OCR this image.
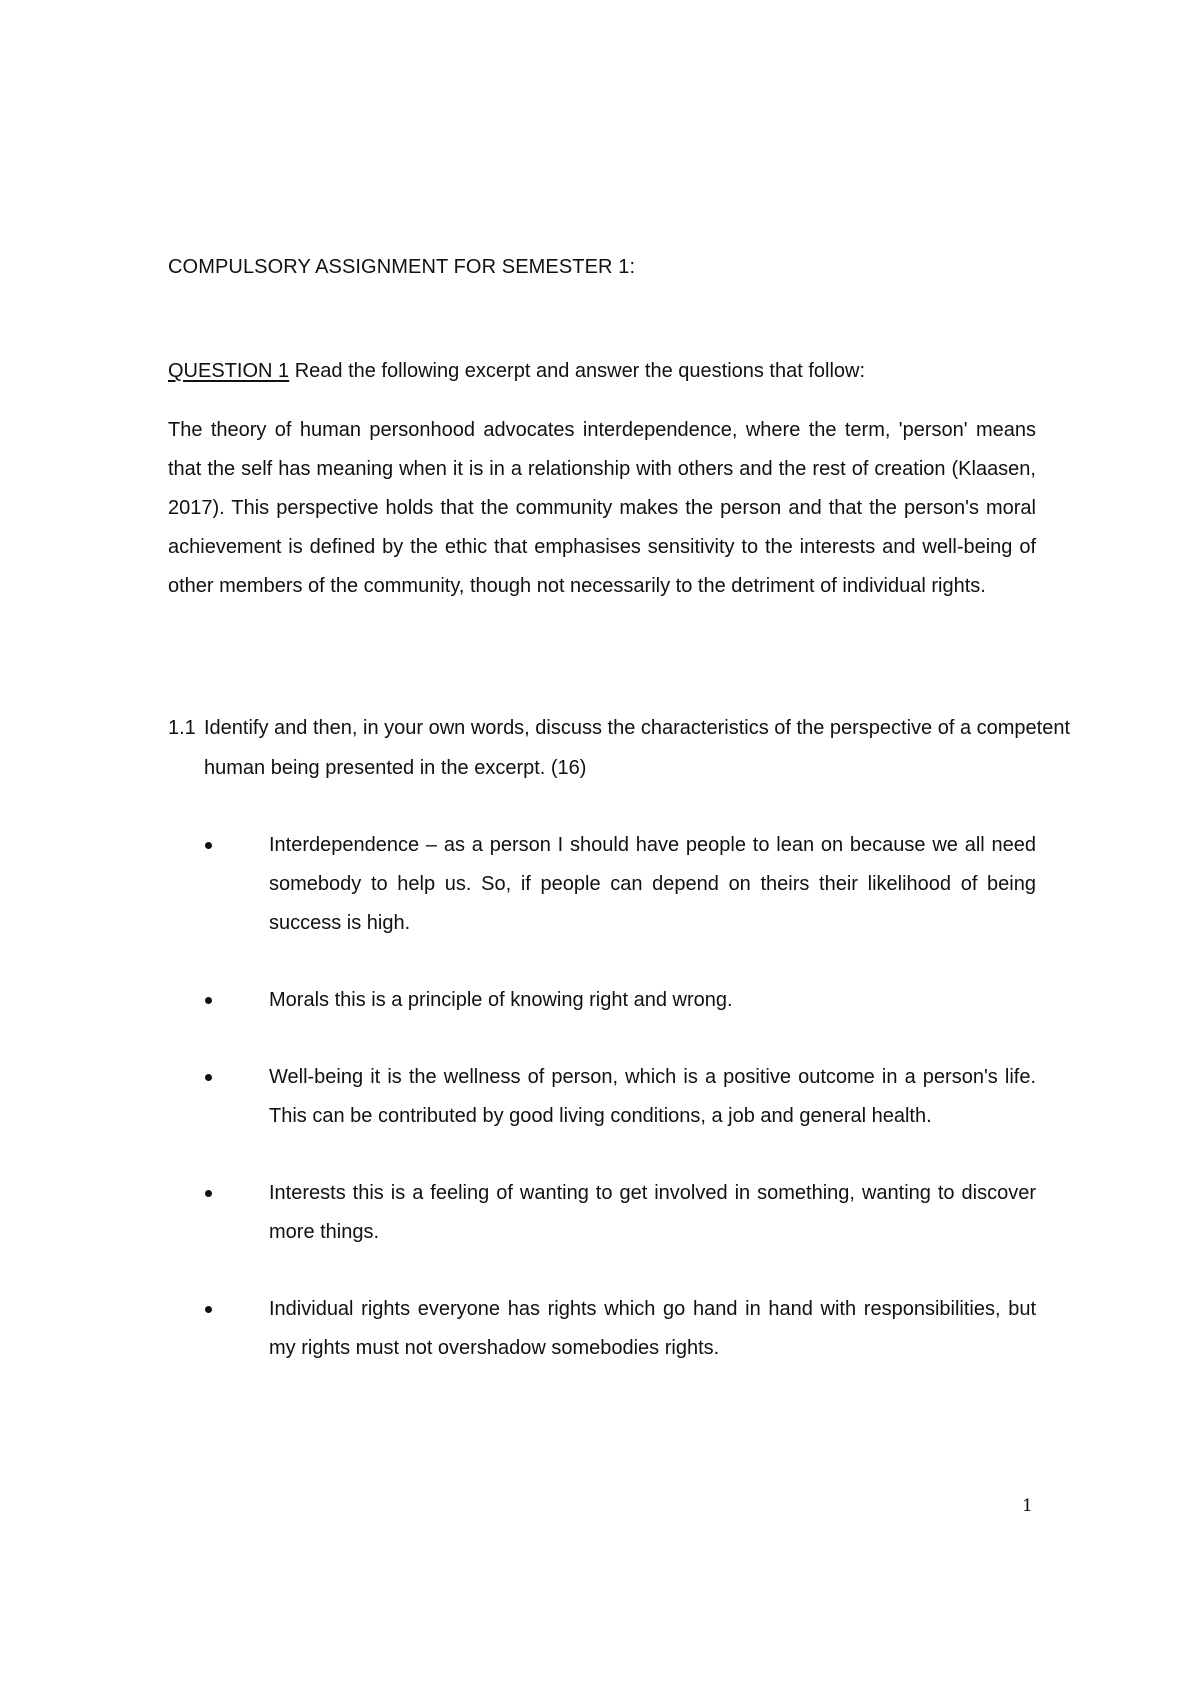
COMPULSORY ASSIGNMENT FOR SEMESTER 1:
QUESTION 1 Read the following excerpt and answer the questions that follow:

The theory of human personhood advocates interdependence, where the term, 'person' means that the self has meaning when it is in a relationship with others and the rest of creation (Klaasen, 2017). This perspective holds that the community makes the person and that the person's moral achievement is defined by the ethic that emphasises sensitivity to the interests and well-being of other members of the community, though not necessarily to the detriment of individual rights.

1.1 Identify and then, in your own words, discuss the characteristics of the perspective of a competent human being presented in the excerpt. (16)

Interdependence – as a person I should have people to lean on because we all need somebody to help us. So, if people can depend on theirs their likelihood of being success is high.
Morals this is a principle of knowing right and wrong.
Well-being it is the wellness of person, which is a positive outcome in a person's life. This can be contributed by good living conditions, a job and general health.
Interests this is a feeling of wanting to get involved in something, wanting to discover more things.
Individual rights everyone has rights which go hand in hand with responsibilities, but my rights must not overshadow somebodies rights.
1
